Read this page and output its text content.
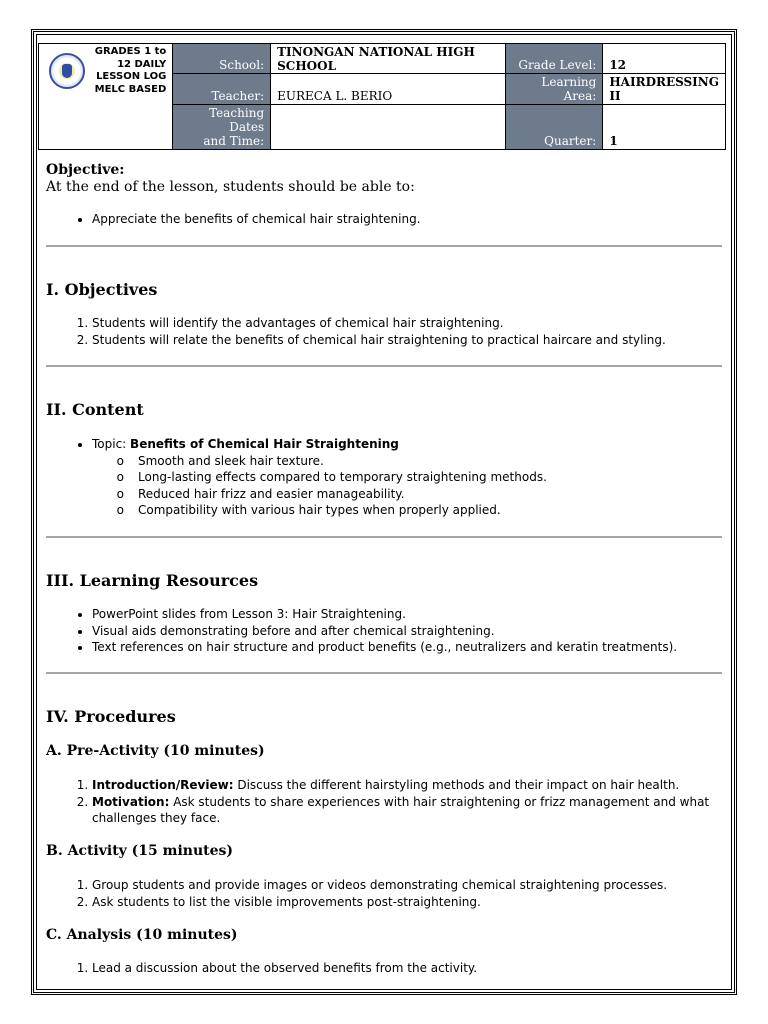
GRADES 1 to 12 DAILY LESSON LOG MELC BASED	School:	TINONGAN NATIONAL HIGH SCHOOL	Grade Level:	12
	Teacher:	EURECA L. BERIO	Learning Area:	HAIRDRESSING II
	Teaching Dates and Time:		Quarter:	1

Objective:

At the end of the lesson, students should be able to:

• Appreciate the benefits of chemical hair straightening.
I. Objectives
1. Students will identify the advantages of chemical hair straightening.
2. Students will relate the benefits of chemical hair straightening to practical haircare and styling.
II. Content
• Topic: Benefits of Chemical Hair Straightening
o Smooth and sleek hair texture.
o Long-lasting effects compared to temporary straightening methods.
o Reduced hair frizz and easier manageability.
o Compatibility with various hair types when properly applied.
III. Learning Resources
• PowerPoint slides from Lesson 3: Hair Straightening.
• Visual aids demonstrating before and after chemical straightening.
• Text references on hair structure and product benefits (e.g., neutralizers and keratin treatments).
IV. Procedures
A. Pre-Activity (10 minutes)
1. Introduction/Review: Discuss the different hairstyling methods and their impact on hair health.
2. Motivation: Ask students to share experiences with hair straightening or frizz management and what challenges they face.
B. Activity (15 minutes)
1. Group students and provide images or videos demonstrating chemical straightening processes.
2. Ask students to list the visible improvements post-straightening.
C. Analysis (10 minutes)
1. Lead a discussion about the observed benefits from the activity.
